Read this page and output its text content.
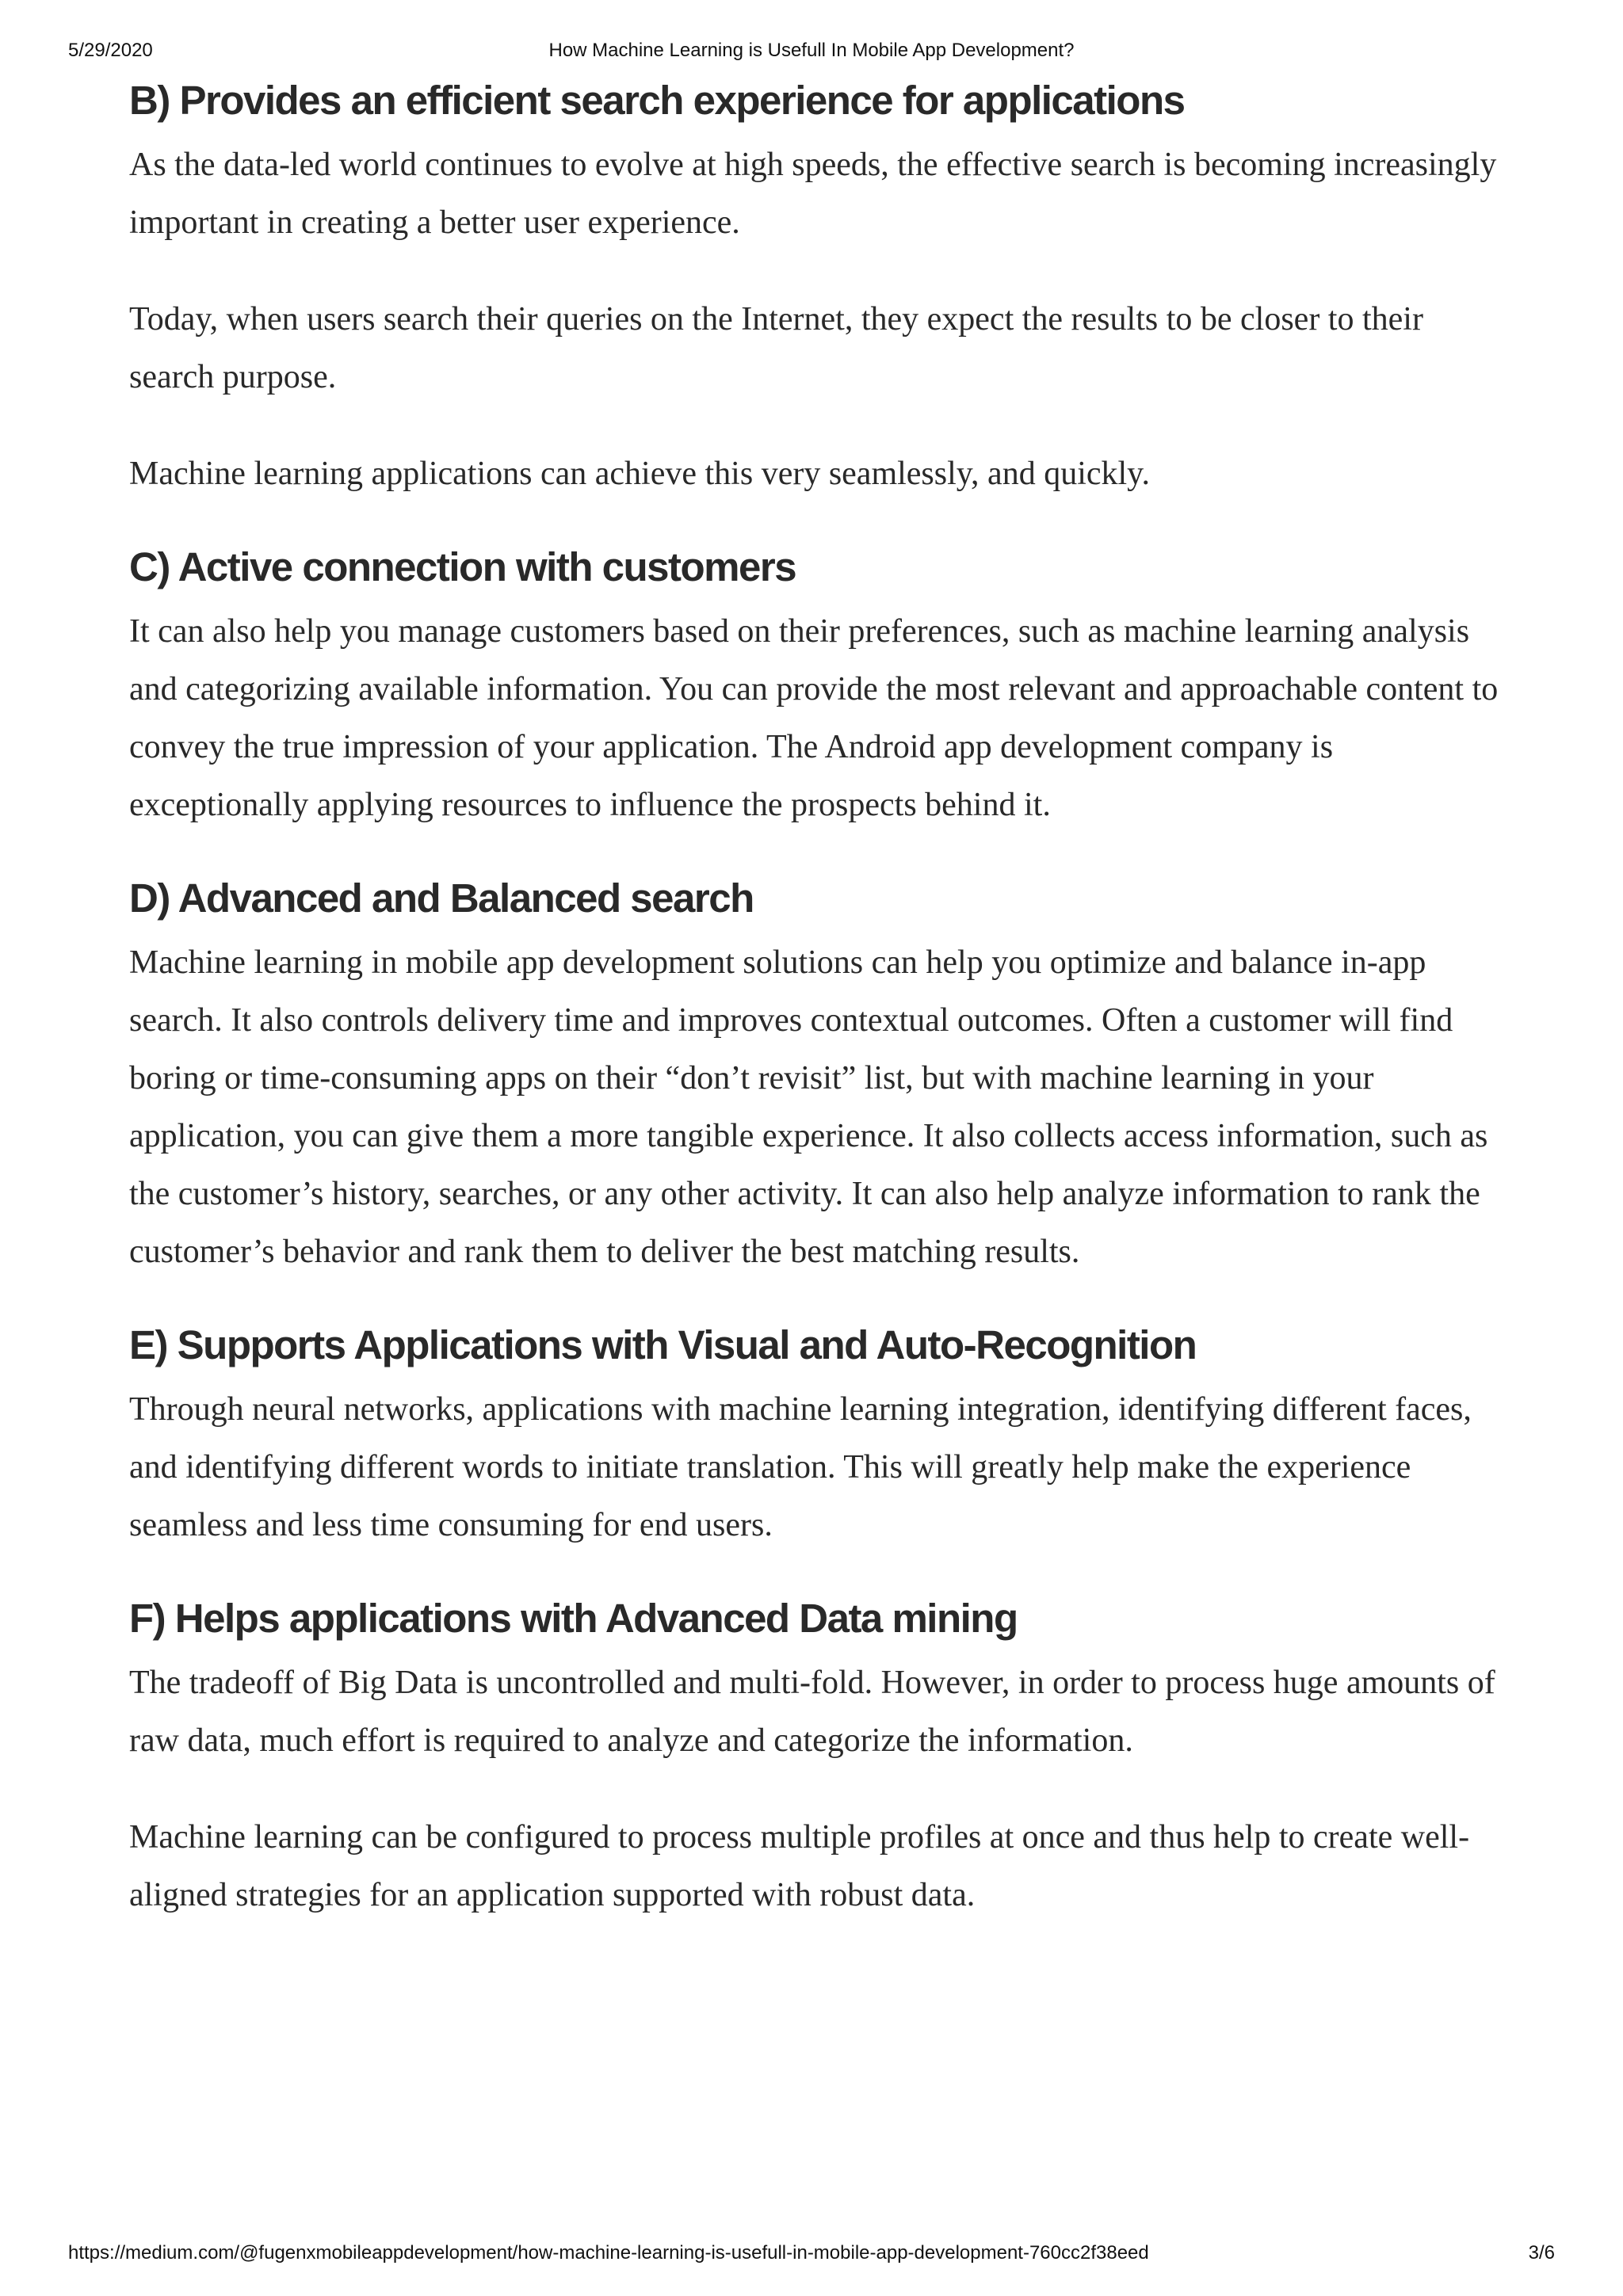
5/29/2020	How Machine Learning is Usefull In Mobile App Development?
B) Provides an efficient search experience for applications

As the data-led world continues to evolve at high speeds, the effective search is becoming increasingly important in creating a better user experience.

Today, when users search their queries on the Internet, they expect the results to be closer to their search purpose.

Machine learning applications can achieve this very seamlessly, and quickly.

C) Active connection with customers

It can also help you manage customers based on their preferences, such as machine learning analysis and categorizing available information. You can provide the most relevant and approachable content to convey the true impression of your application. The Android app development company is exceptionally applying resources to influence the prospects behind it.

D) Advanced and Balanced search

Machine learning in mobile app development solutions can help you optimize and balance in-app search. It also controls delivery time and improves contextual outcomes. Often a customer will find boring or time-consuming apps on their “don’t revisit” list, but with machine learning in your application, you can give them a more tangible experience. It also collects access information, such as the customer’s history, searches, or any other activity. It can also help analyze information to rank the customer’s behavior and rank them to deliver the best matching results.

E) Supports Applications with Visual and Auto-Recognition

Through neural networks, applications with machine learning integration, identifying different faces, and identifying different words to initiate translation. This will greatly help make the experience seamless and less time consuming for end users.

F) Helps applications with Advanced Data mining

The tradeoff of Big Data is uncontrolled and multi-fold. However, in order to process huge amounts of raw data, much effort is required to analyze and categorize the information.

Machine learning can be configured to process multiple profiles at once and thus help to create well-aligned strategies for an application supported with robust data.

https://medium.com/@fugenxmobileappdevelopment/how-machine-learning-is-usefull-in-mobile-app-development-760cc2f38eed	3/6
